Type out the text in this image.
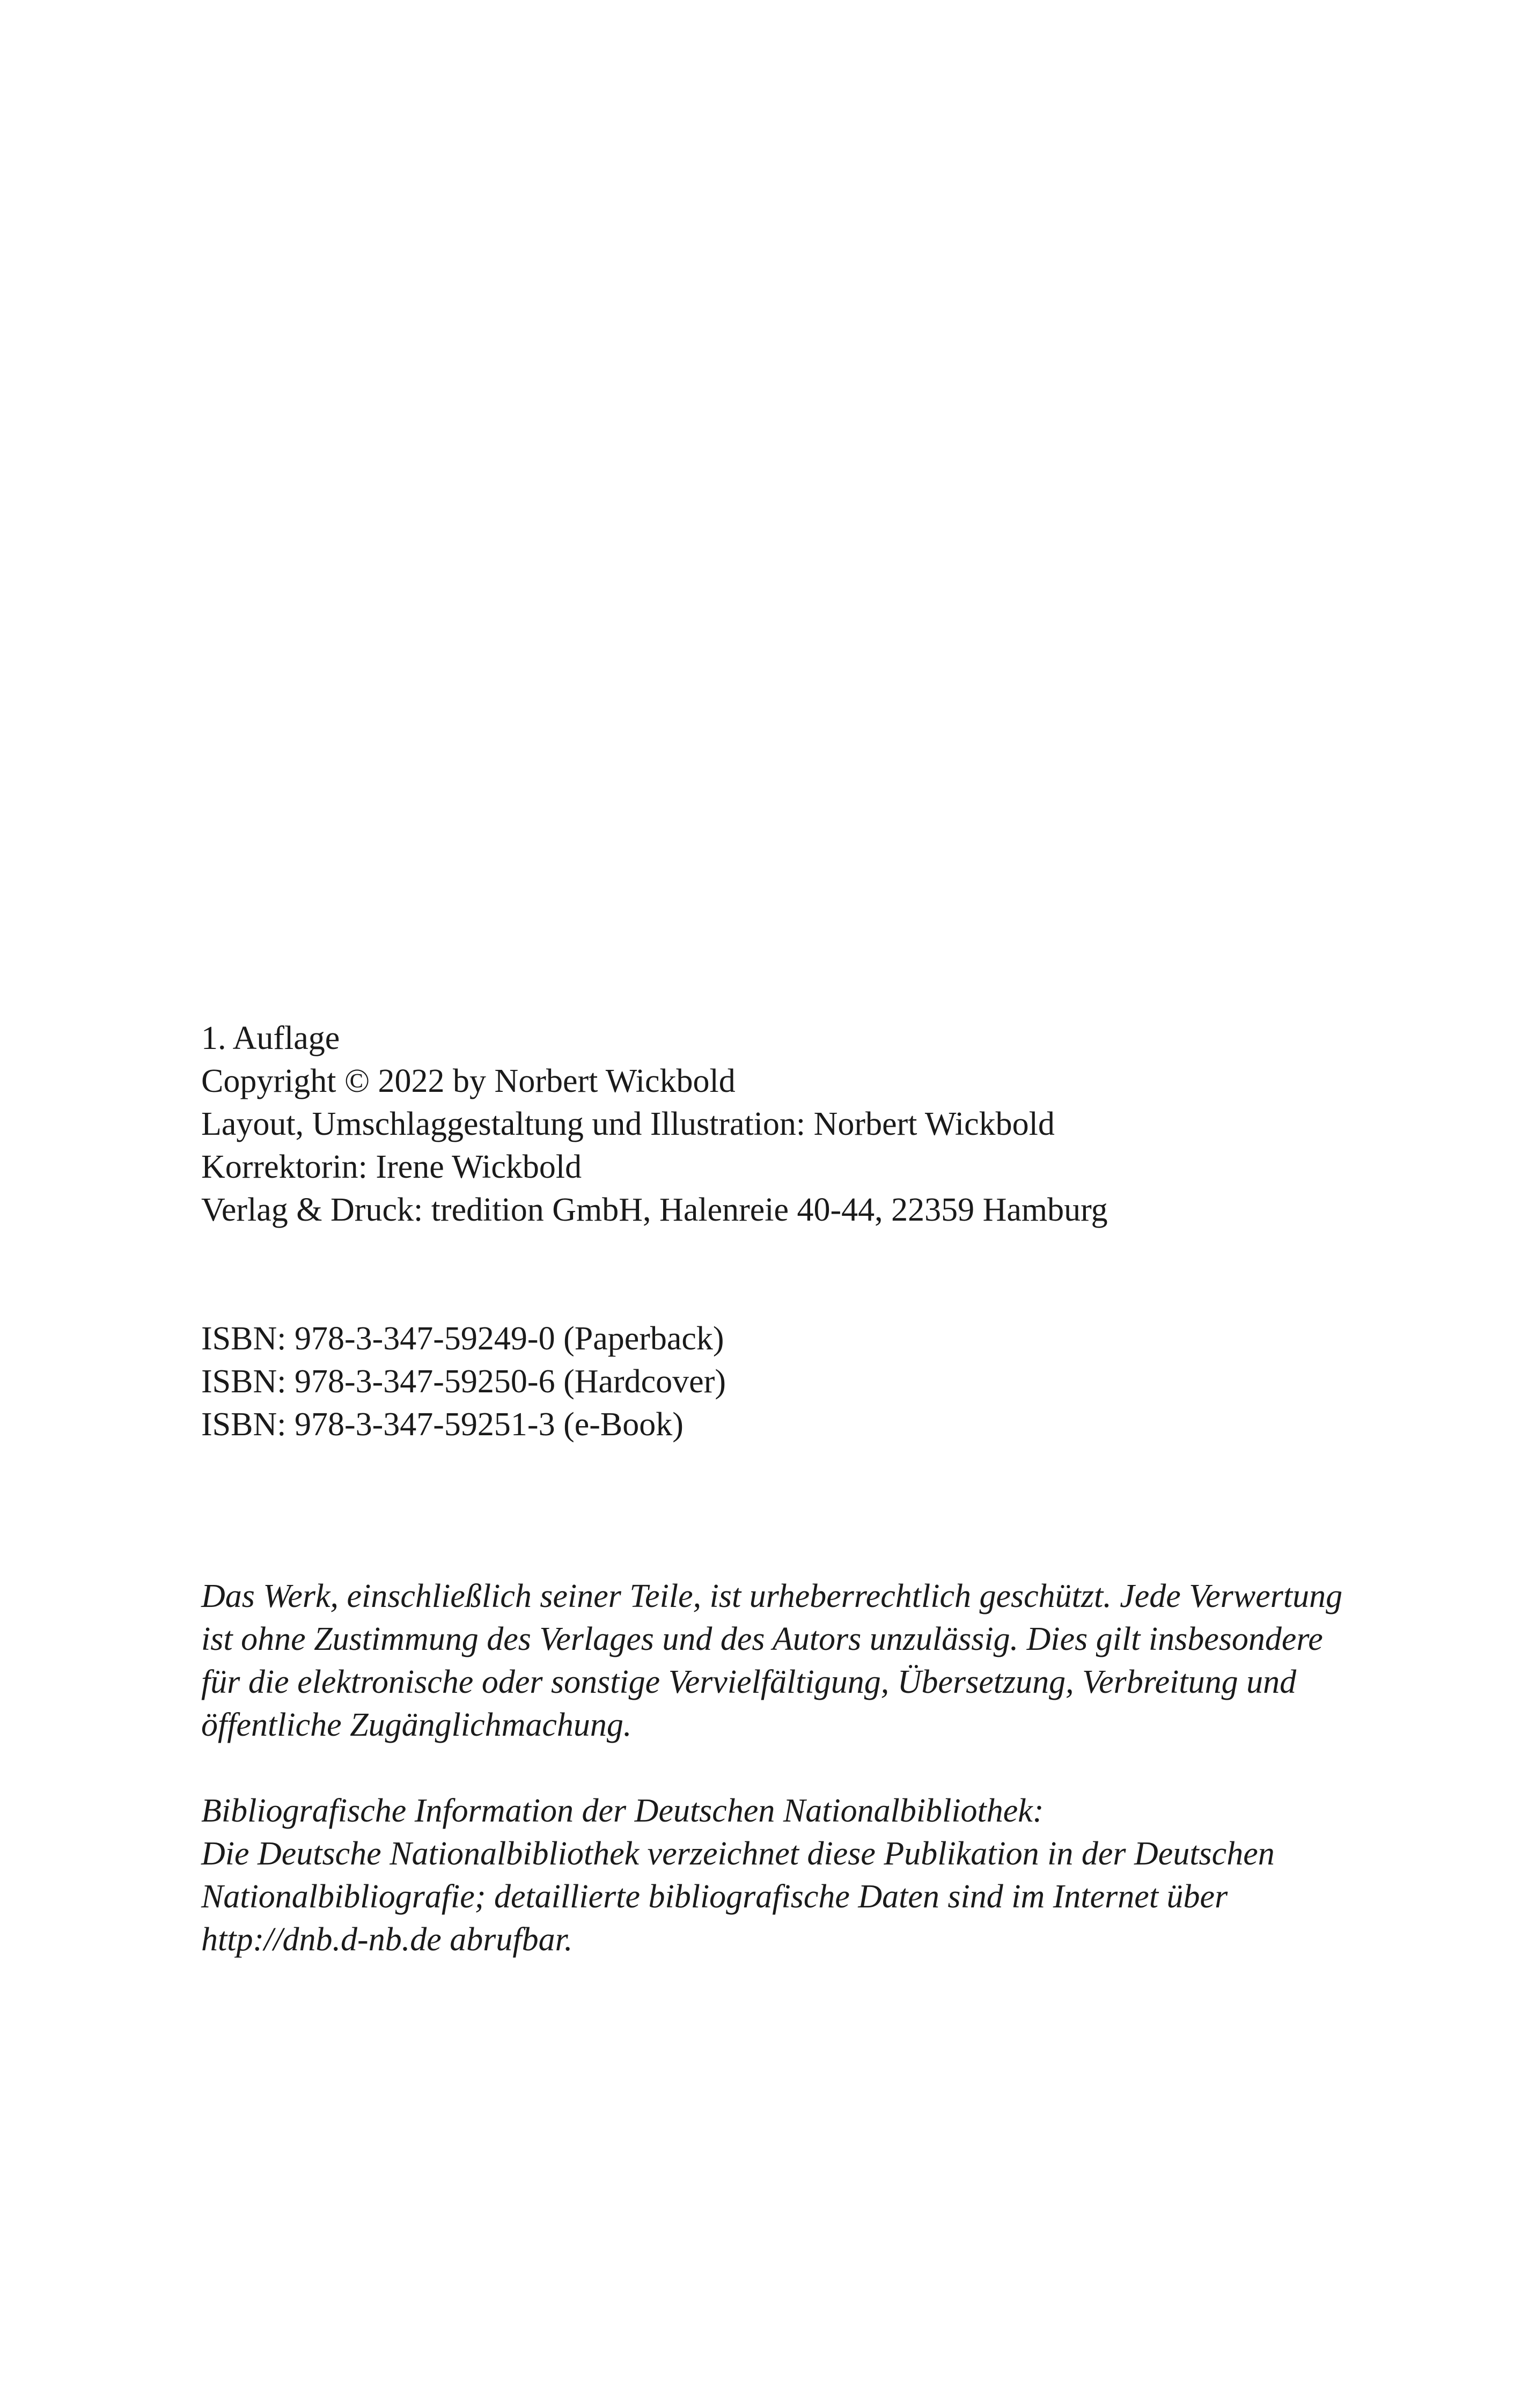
1. Auflage
Copyright © 2022 by Norbert Wickbold
Layout, Umschlaggestaltung und Illustration: Norbert Wickbold
Korrektorin: Irene Wickbold
Verlag & Druck: tredition GmbH, Halenreie 40-44, 22359 Hamburg
ISBN: 978-3-347-59249-0 (Paperback)
ISBN: 978-3-347-59250-6 (Hardcover)
ISBN: 978-3-347-59251-3 (e-Book)
Das Werk, einschließlich seiner Teile, ist urheberrechtlich geschützt. Jede Verwertung
ist ohne Zustimmung des Verlages und des Autors unzulässig. Dies gilt insbesondere
für die elektronische oder sonstige Vervielfältigung, Übersetzung, Verbreitung und
öffentliche Zugänglichmachung.
Bibliografische Information der Deutschen Nationalbibliothek:
Die Deutsche Nationalbibliothek verzeichnet diese Publikation in der Deutschen
Nationalbibliografie; detaillierte bibliografische Daten sind im Internet über
http://dnb.d-nb.de abrufbar.
